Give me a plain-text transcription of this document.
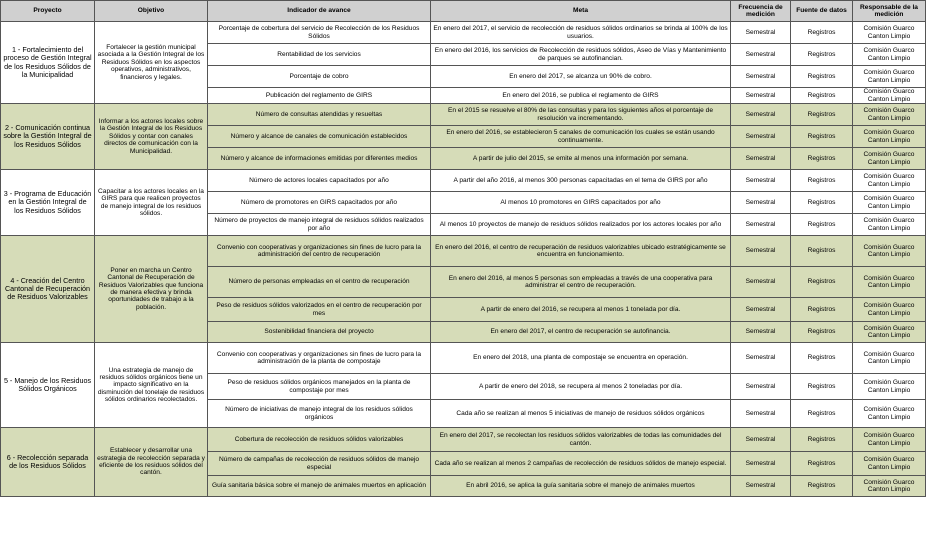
Proyecto	Objetivo	Indicador de avance	Meta	Frecuencia de medición	Fuente de datos	Responsable de la medición
1 - Fortalecimiento del proceso de Gestión Integral de los Residuos Sólidos de la Municipalidad	Fortalecer la gestión municipal asociada a la Gestión Integral de los Residuos Sólidos en los aspectos operativos, administrativos, financieros y legales.	Porcentaje de cobertura del servicio de Recolección de los Residuos Sólidos	En enero del 2017, el servicio de recolección de residuos sólidos ordinarios se brinda al 100% de los usuarios.	Semestral	Registros	Comisión Guarco Canton Limpio
		Rentabilidad de los servicios	En enero del 2016, los servicios de Recolección de residuos sólidos, Aseo de Vías y Mantenimiento de parques se autofinancian.	Semestral	Registros	Comisión Guarco Canton Limpio
		Porcentaje de cobro	En enero del 2017, se alcanza un 90% de cobro.	Semestral	Registros	Comisión Guarco Canton Limpio
		Publicación del reglamento de GIRS	En enero del 2016, se publica el reglamento de GIRS	Semestral	Registros	Comisión Guarco Canton Limpio
2 - Comunicación continua sobre la Gestión Integral de los Residuos Sólidos	Informar a los actores locales sobre la Gestión Integral de los Residuos Sólidos y contar con canales directos de comunicación con la Municipalidad.	Número de consultas atendidas y resueltas	En el 2015 se resuelve el 80% de las consultas y para los siguientes años el porcentaje de resolución va incrementando.	Semestral	Registros	Comisión Guarco Canton Limpio
		Número y alcance de canales de comunicación establecidos	En enero del 2016, se establecieron 5 canales de comunicación los cuales se están usando continuamente.	Semestral	Registros	Comisión Guarco Canton Limpio
		Número y alcance de informaciones emitidas por diferentes medios	A partir de julio del 2015, se emite al menos una información por semana.	Semestral	Registros	Comisión Guarco Canton Limpio
3 - Programa de Educación en la Gestión Integral de los Residuos Sólidos	Capacitar a los actores locales en la GIRS para que realicen proyectos de manejo integral de los residuos sólidos.	Número de actores locales capacitados por año	A partir del año 2016, al menos 300 personas capacitadas en el tema de GIRS por año	Semestral	Registros	Comisión Guarco Canton Limpio
		Número de promotores en GIRS capacitados por año	Al menos 10 promotores en GIRS capacitados por año	Semestral	Registros	Comisión Guarco Canton Limpio
		Número de proyectos de manejo integral de residuos sólidos realizados por año	Al menos 10 proyectos de manejo de residuos sólidos realizados por los actores locales por año	Semestral	Registros	Comisión Guarco Canton Limpio
4 - Creación del Centro Cantonal de Recuperación de Residuos Valorizables	Poner en marcha un Centro Cantonal de Recuperación de Residuos Valorizables que funciona de manera efectiva y brinda oportunidades de trabajo a la población.	Convenio con cooperativas y organizaciones sin fines de lucro para la administración del centro de recuperación	En enero del 2016, el centro de recuperación de residuos valorizables ubicado estratégicamente se encuentra en funcionamiento.	Semestral	Registros	Comisión Guarco Canton Limpio
		Número de personas empleadas en el centro de recuperación	En enero del 2016, al menos 5 personas son empleadas a través de una cooperativa para administrar el centro de recuperación.	Semestral	Registros	Comisión Guarco Canton Limpio
		Peso de residuos sólidos valorizados en el centro de recuperación por mes	A partir de enero del 2016, se recupera al menos 1 tonelada por día.	Semestral	Registros	Comisión Guarco Canton Limpio
		Sostenibilidad financiera del proyecto	En enero del 2017, el centro de recuperación se autofinancia.	Semestral	Registros	Comisión Guarco Canton Limpio
5 - Manejo de los Residuos Sólidos Orgánicos	Una estrategia de manejo de residuos sólidos orgánicos tiene un impacto significativo en la disminución del tonelaje de residuos sólidos ordinarios recolectados.	Convenio con cooperativas y organizaciones sin fines de lucro para la administración de la planta de compostaje	En enero del 2018, una planta de compostaje se encuentra en operación.	Semestral	Registros	Comisión Guarco Canton Limpio
		Peso de residuos sólidos orgánicos manejados en la planta de compostaje por mes	A partir de enero del 2018, se recupera al menos 2 toneladas por día.	Semestral	Registros	Comisión Guarco Canton Limpio
		Número de iniciativas de manejo integral de los residuos sólidos orgánicos	Cada año se realizan al menos 5 iniciativas de manejo de residuos sólidos orgánicos	Semestral	Registros	Comisión Guarco Canton Limpio
6 - Recolección separada de los Residuos Sólidos	Establecer y desarrollar una estrategia de recolección separada y eficiente de los residuos sólidos del cantón.	Cobertura de recolección de residuos sólidos valorizables	En enero del 2017, se recolectan los residuos sólidos valorizables de todas las comunidades del cantón.	Semestral	Registros	Comisión Guarco Canton Limpio
		Número de campañas de recolección de residuos sólidos de manejo especial	Cada año se realizan al menos 2 campañas de recolección de residuos sólidos de manejo especial.	Semestral	Registros	Comisión Guarco Canton Limpio
		Guía sanitaria básica sobre el manejo de animales muertos en aplicación	En abril 2016, se aplica la guía sanitaria sobre el manejo de animales muertos	Semestral	Registros	Comisión Guarco Canton Limpio
